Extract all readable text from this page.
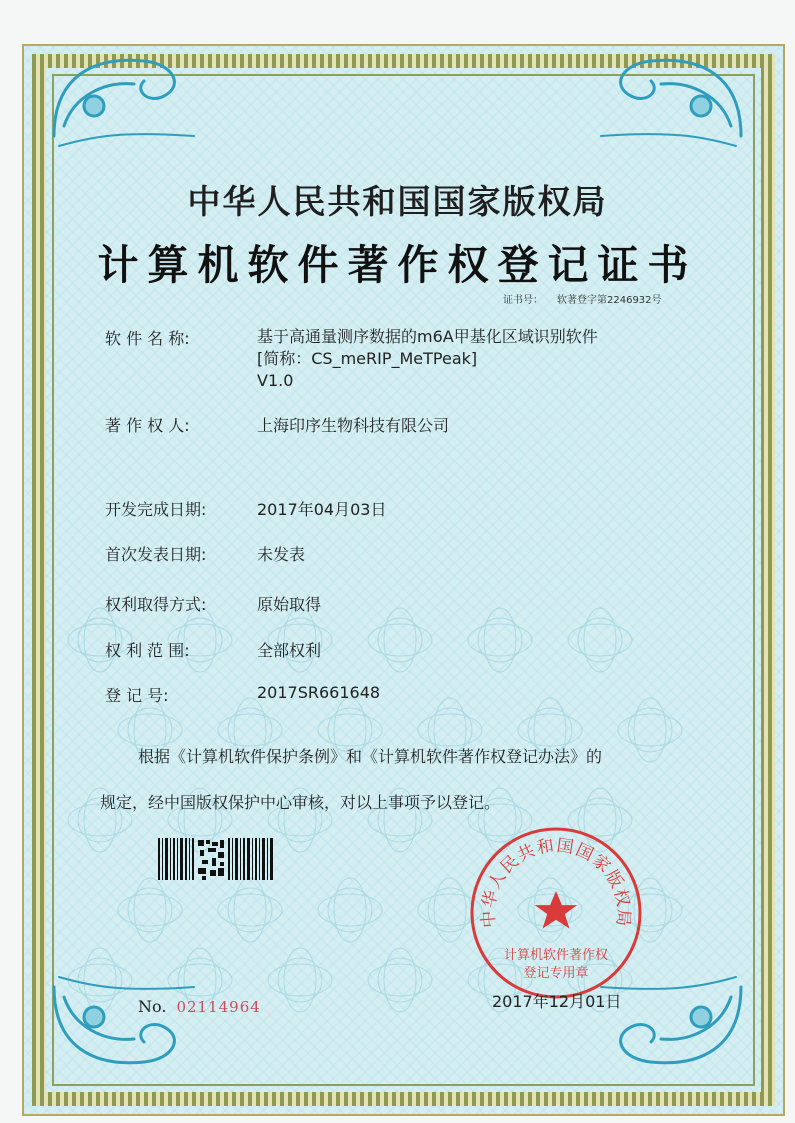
中华人民共和国国家版权局
计算机软件著作权登记证书
证书号： 软著登字第2246932号
软 件 名 称:	基于高通量测序数据的m6A甲基化区域识别软件
[简称：CS_meRIP_MeTPeak]
V1.0
著 作 权 人:	上海印序生物科技有限公司
开发完成日期:	2017年04月03日
首次发表日期:	未发表
权利取得方式:	原始取得
权 利 范 围:	全部权利
登 记 号:	2017SR661648
根据《计算机软件保护条例》和《计算机软件著作权登记办法》的
规定，经中国版权保护中心审核，对以上事项予以登记。
No. 02114964
中华人民共和国国家版权局
计算机软件著作权
登记专用章
2017年12月01日
